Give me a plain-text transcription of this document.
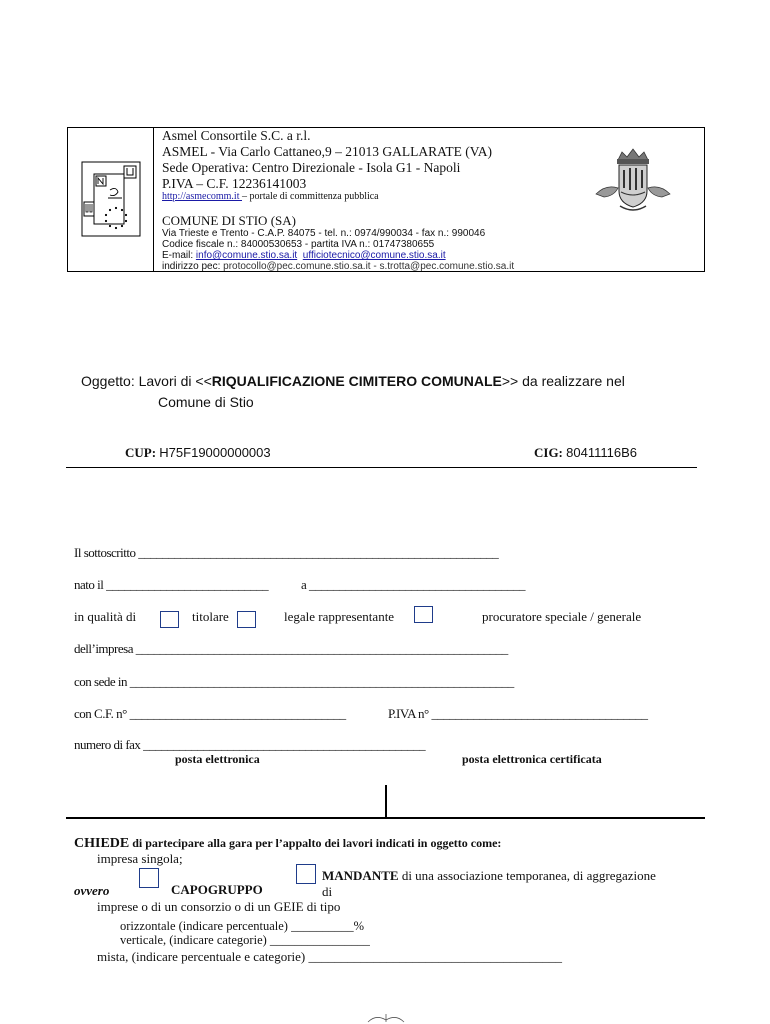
Asmel Consortile S.C. a r.l.
ASMEL - Via Carlo Cattaneo,9 – 21013 GALLARATE (VA)
Sede Operativa: Centro Direzionale - Isola G1 - Napoli
P.IVA – C.F. 12236141003
http://asmecomm.it – portale di committenza pubblica
COMUNE DI STIO (SA)
Via Trieste e Trento - C.A.P. 84075 - tel. n.: 0974/990034 - fax n.: 990046
Codice fiscale n.: 84000530653 - partita IVA n.: 01747380655
E-mail: info@comune.stio.sa.it ufficiotecnico@comune.stio.sa.it
indirizzo pec: protocollo@pec.comune.stio.sa.it - s.trotta@pec.comune.stio.sa.it
Oggetto: Lavori di <<RIQUALIFICAZIONE CIMITERO COMUNALE>> da realizzare nel
Comune di Stio
CUP: H75F19000000003	CIG: 80411116B6
Il sottoscritto ____________________________________________________________
nato il ___________________________	a ____________________________________
in qualità di	titolare	legale rappresentante	procuratore speciale / generale
dell’impresa ______________________________________________________________
con sede in ________________________________________________________________
con C.F. n° ____________________________________	P.IVA n° ____________________________________
numero di fax _______________________________________________
posta elettronica	posta elettronica certificata
CHIEDE di partecipare alla gara per l’appalto dei lavori indicati in oggetto come:
impresa singola;
MANDANTE di una associazione temporanea, di aggregazione
ovvero	CAPOGRUPPO	di
imprese o di un consorzio o di un GEIE di tipo
orizzontale (indicare percentuale) __________%
verticale, (indicare categorie) ________________
mista, (indicare percentuale e categorie) _______________________________________
